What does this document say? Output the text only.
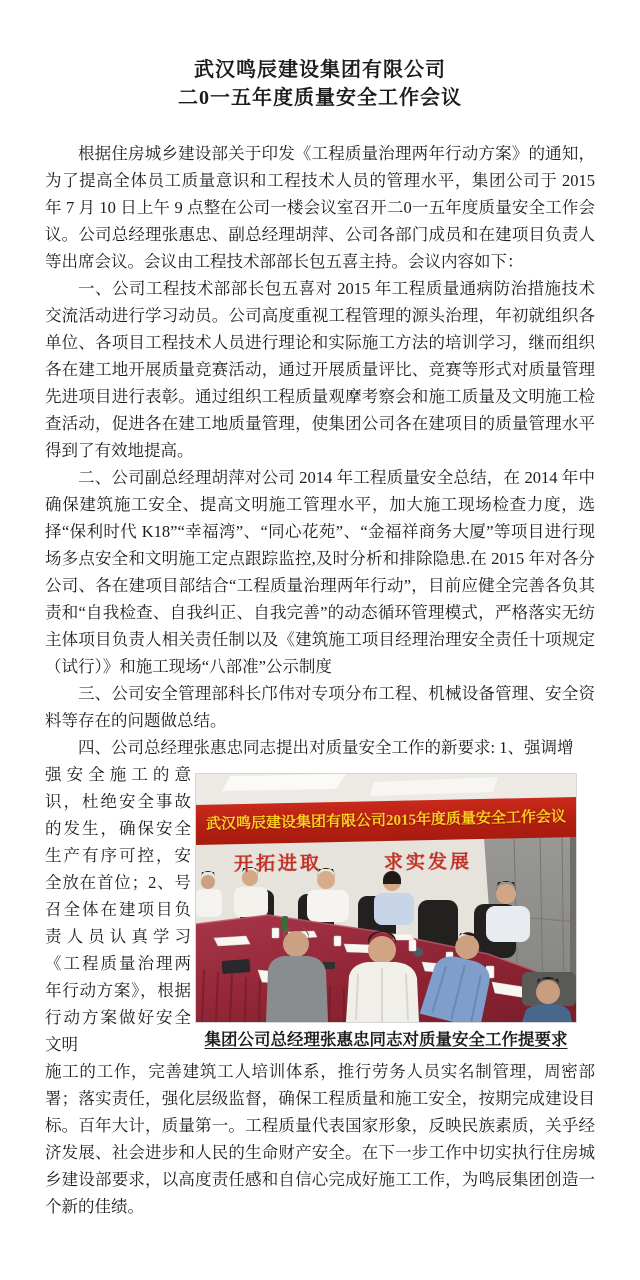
武汉鸣辰建设集团有限公司
二0一五年度质量安全工作会议

根据住房城乡建设部关于印发《工程质量治理两年行动方案》的通知，为了提高全体员工质量意识和工程技术人员的管理水平，集团公司于 2015 年 7 月 10 日上午 9 点整在公司一楼会议室召开二0一五年度质量安全工作会议。公司总经理张惠忠、副总经理胡萍、公司各部门成员和在建项目负责人等出席会议。会议由工程技术部部长包五喜主持。会议内容如下：

一、公司工程技术部部长包五喜对 2015 年工程质量通病防治措施技术交流活动进行学习动员。公司高度重视工程管理的源头治理，年初就组织各单位、各项目工程技术人员进行理论和实际施工方法的培训学习，继而组织各在建工地开展质量竞赛活动，通过开展质量评比、竞赛等形式对质量管理先进项目进行表彰。通过组织工程质量观摩考察会和施工质量及文明施工检查活动，促进各在建工地质量管理，使集团公司各在建项目的质量管理水平得到了有效地提高。

二、公司副总经理胡萍对公司 2014 年工程质量安全总结，在 2014 年中确保建筑施工安全、提高文明施工管理水平，加大施工现场检查力度，选择“保利时代 K18”“幸福湾”、“同心花苑”、“金福祥商务大厦”等项目进行现场多点安全和文明施工定点跟踪监控,及时分析和排除隐患.在 2015 年对各分公司、各在建项目部结合“工程质量治理两年行动”，目前应健全完善各负其责和“自我检查、自我纠正、自我完善”的动态循环管理模式，严格落实无纺主体项目负责人相关责任制以及《建筑施工项目经理治理安全责任十项规定（试行）》和施工现场“八部准”公示制度

三、公司安全管理部科长邝伟对专项分布工程、机械设备管理、安全资料等存在的问题做总结。

四、公司总经理张惠忠同志提出对质量安全工作的新要求: 1、强调增

强安全施工的意识，杜绝安全事故的发生，确保安全生产有序可控，安全放在首位；2、号召全体在建项目负责人员认真学习《工程质量治理两年行动方案》，根据行动方案做好安全文明
武汉鸣辰建设集团有限公司2015年度质量安全工作会议
开拓进取	求实发展
集团公司总经理张惠忠同志对质量安全工作提要求

施工的工作，完善建筑工人培训体系，推行劳务人员实名制管理，周密部署；落实责任，强化层级监督，确保工程质量和施工安全，按期完成建设目标。百年大计，质量第一。工程质量代表国家形象，反映民族素质，关乎经济发展、社会进步和人民的生命财产安全。在下一步工作中切实执行住房城乡建设部要求，以高度责任感和自信心完成好施工工作，为鸣辰集团创造一个新的佳绩。
